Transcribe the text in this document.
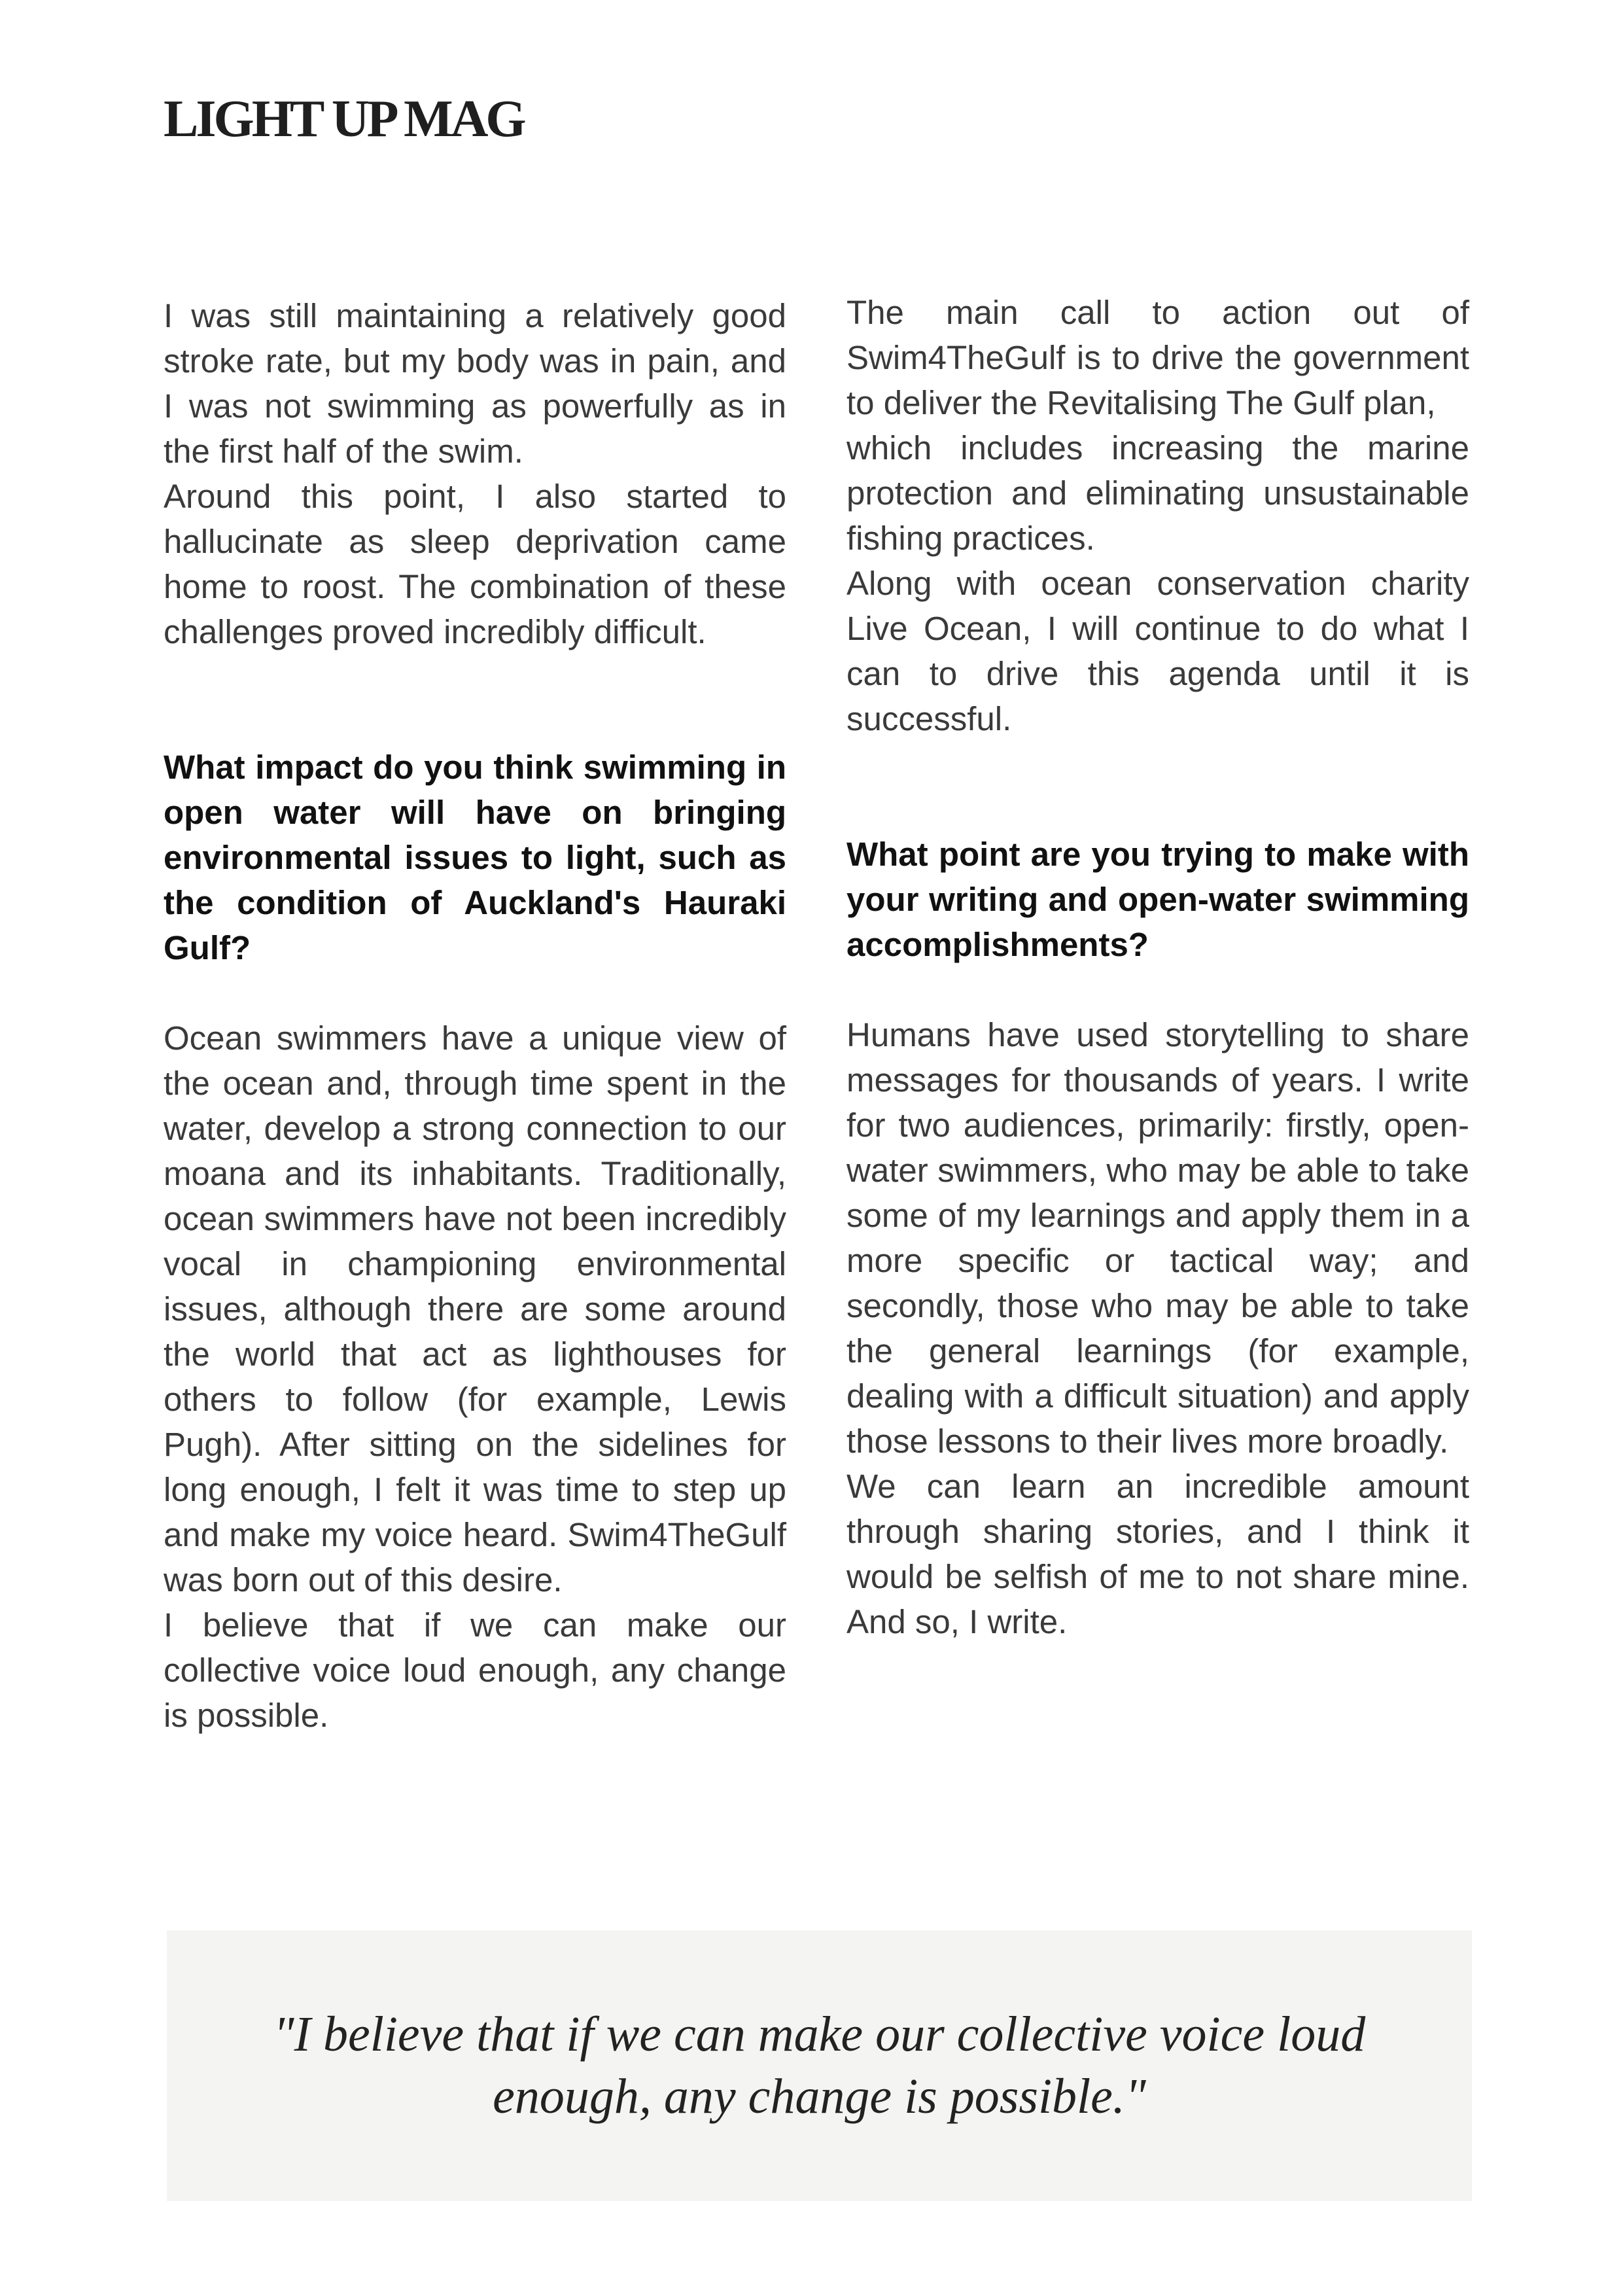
LIGHT UP MAG

I was still maintaining a relatively good stroke rate, but my body was in pain, and I was not swimming as powerfully as in the first half of the swim.

Around this point, I also started to hallucinate as sleep deprivation came home to roost. The combination of these challenges proved incredibly difficult.

What impact do you think swimming in open water will have on bringing environmental issues to light, such as the condition of Auckland's Hauraki Gulf?

Ocean swimmers have a unique view of the ocean and, through time spent in the water, develop a strong connection to our moana and its inhabitants. Traditionally, ocean swimmers have not been incredibly vocal in championing environmental issues, although there are some around the world that act as lighthouses for others to follow (for example, Lewis Pugh). After sitting on the sidelines for long enough, I felt it was time to step up and make my voice heard. Swim4TheGulf was born out of this desire.

I believe that if we can make our collective voice loud enough, any change is possible.

The main call to action out of Swim4TheGulf is to drive the government to deliver the Revitalising The Gulf plan,

which includes increasing the marine protection and eliminating unsustainable fishing practices.

Along with ocean conservation charity Live Ocean, I will continue to do what I can to drive this agenda until it is successful.

What point are you trying to make with your writing and open-water swimming accomplishments?

Humans have used storytelling to share messages for thousands of years. I write for two audiences, primarily: firstly, open-water swimmers, who may be able to take some of my learnings and apply them in a more specific or tactical way; and secondly, those who may be able to take the general learnings (for example, dealing with a difficult situation) and apply those lessons to their lives more broadly.

We can learn an incredible amount through sharing stories, and I think it would be selfish of me to not share mine. And so, I write.

"I believe that if we can make our collective voice loud
enough, any change is possible."
